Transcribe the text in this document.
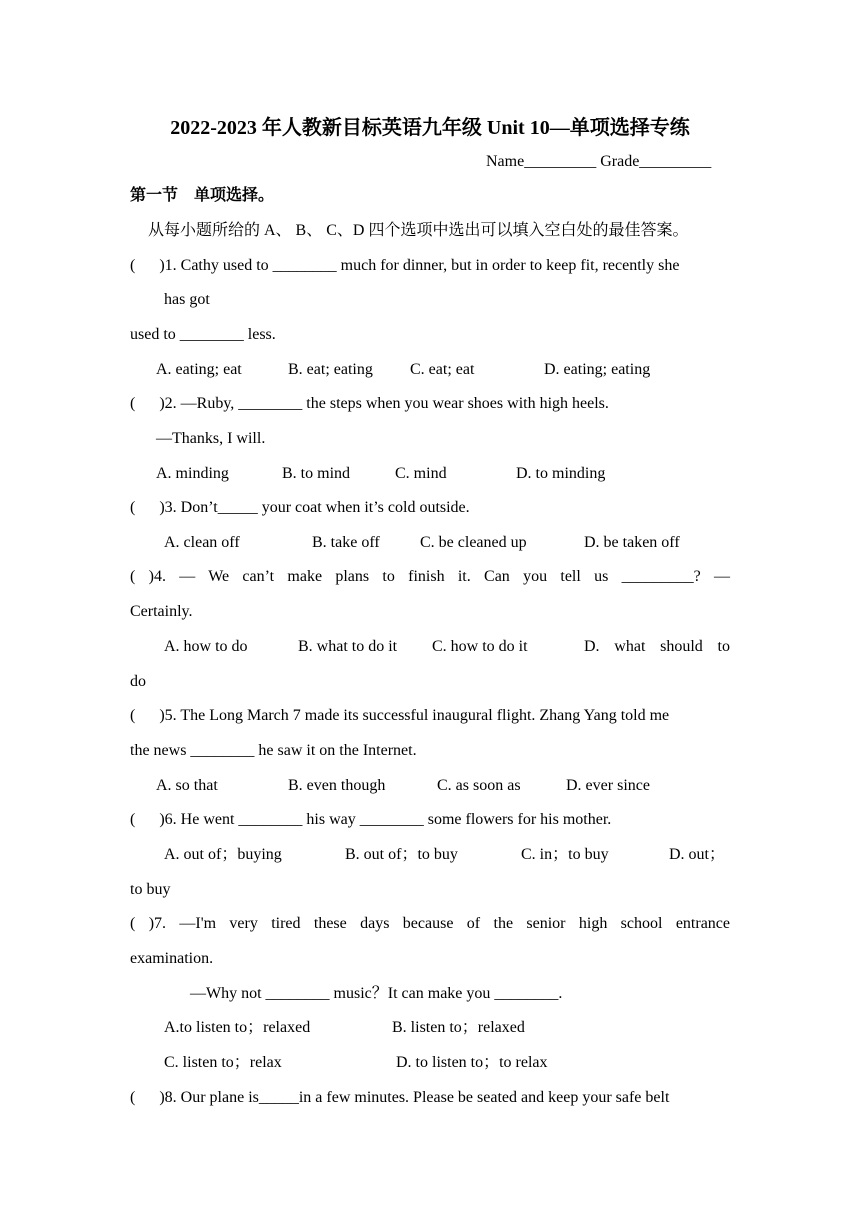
2022-2023 年人教新目标英语九年级 Unit 10—单项选择专练
Name_________ Grade_________
第一节　单项选择。
从每小题所给的 A、 B、 C、D 四个选项中选出可以填入空白处的最佳答案。
(      )1. Cathy used to ________ much for dinner, but in order to keep fit, recently she
has got
used to ________ less.
A. eating; eat	B. eat; eating C. eat; eat	D. eating; eating
(      )2. —Ruby, ________ the steps when you wear shoes with high heels.
—Thanks, I will.
A. minding	B. to mind	C. mind	D. to minding
(      )3. Don’t_____ your coat when it’s cold outside.
A. clean off	B. take off	C. be cleaned up	D. be taken off
( )4. — We can’t make plans to finish it. Can you tell us _________? —
Certainly.
A. how to do	B. what to do it C. how to do it	D. what should to
do
(      )5. The Long March 7 made its successful inaugural flight. Zhang Yang told me
the news ________ he saw it on the Internet.
A. so that	B. even though	C. as soon as	D. ever since
(      )6. He went ________ his way ________ some flowers for his mother.
A. out of；buying	B. out of；to buy	C. in；to buy	D. out；
to buy
( )7. —I'm very tired these days because of the senior high school entrance
examination.
—Why not ________ music？It can make you ________.
A.to listen to；relaxed	B. listen to；relaxed
C. listen to；relax	D. to listen to；to relax
(      )8. Our plane is_____in a few minutes. Please be seated and keep your safe belt
